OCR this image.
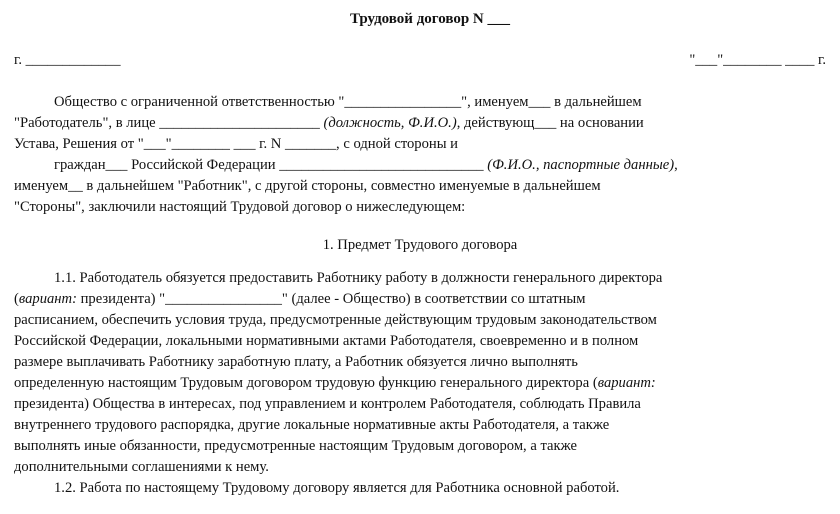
Трудовой договор N ___
г. _____________	"___"________ ____ г.

Общество с ограниченной ответственностью "________________", именуем___ в дальнейшем

"Работодатель", в лице ______________________ (должность, Ф.И.О.), действующ___ на основании

Устава, Решения от "___"________ ___ г. N _______, с одной стороны и

граждан___ Российской Федерации ____________________________ (Ф.И.О., паспортные данные),

именуем__ в дальнейшем "Работник", с другой стороны, совместно именуемые в дальнейшем

"Стороны", заключили настоящий Трудовой договор о нижеследующем:

1. Предмет Трудового договора

1.1. Работодатель обязуется предоставить Работнику работу в должности генерального директора

(вариант: президента) "________________" (далее - Общество) в соответствии со штатным

расписанием, обеспечить условия труда, предусмотренные действующим трудовым законодательством

Российской Федерации, локальными нормативными актами Работодателя, своевременно и в полном

размере выплачивать Работнику заработную плату, а Работник обязуется лично выполнять

определенную настоящим Трудовым договором трудовую функцию генерального директора (вариант:

президента) Общества в интересах, под управлением и контролем Работодателя, соблюдать Правила

внутреннего трудового распорядка, другие локальные нормативные акты Работодателя, а также

выполнять иные обязанности, предусмотренные настоящим Трудовым договором, а также

дополнительными соглашениями к нему.

1.2. Работа по настоящему Трудовому договору является для Работника основной работой.
